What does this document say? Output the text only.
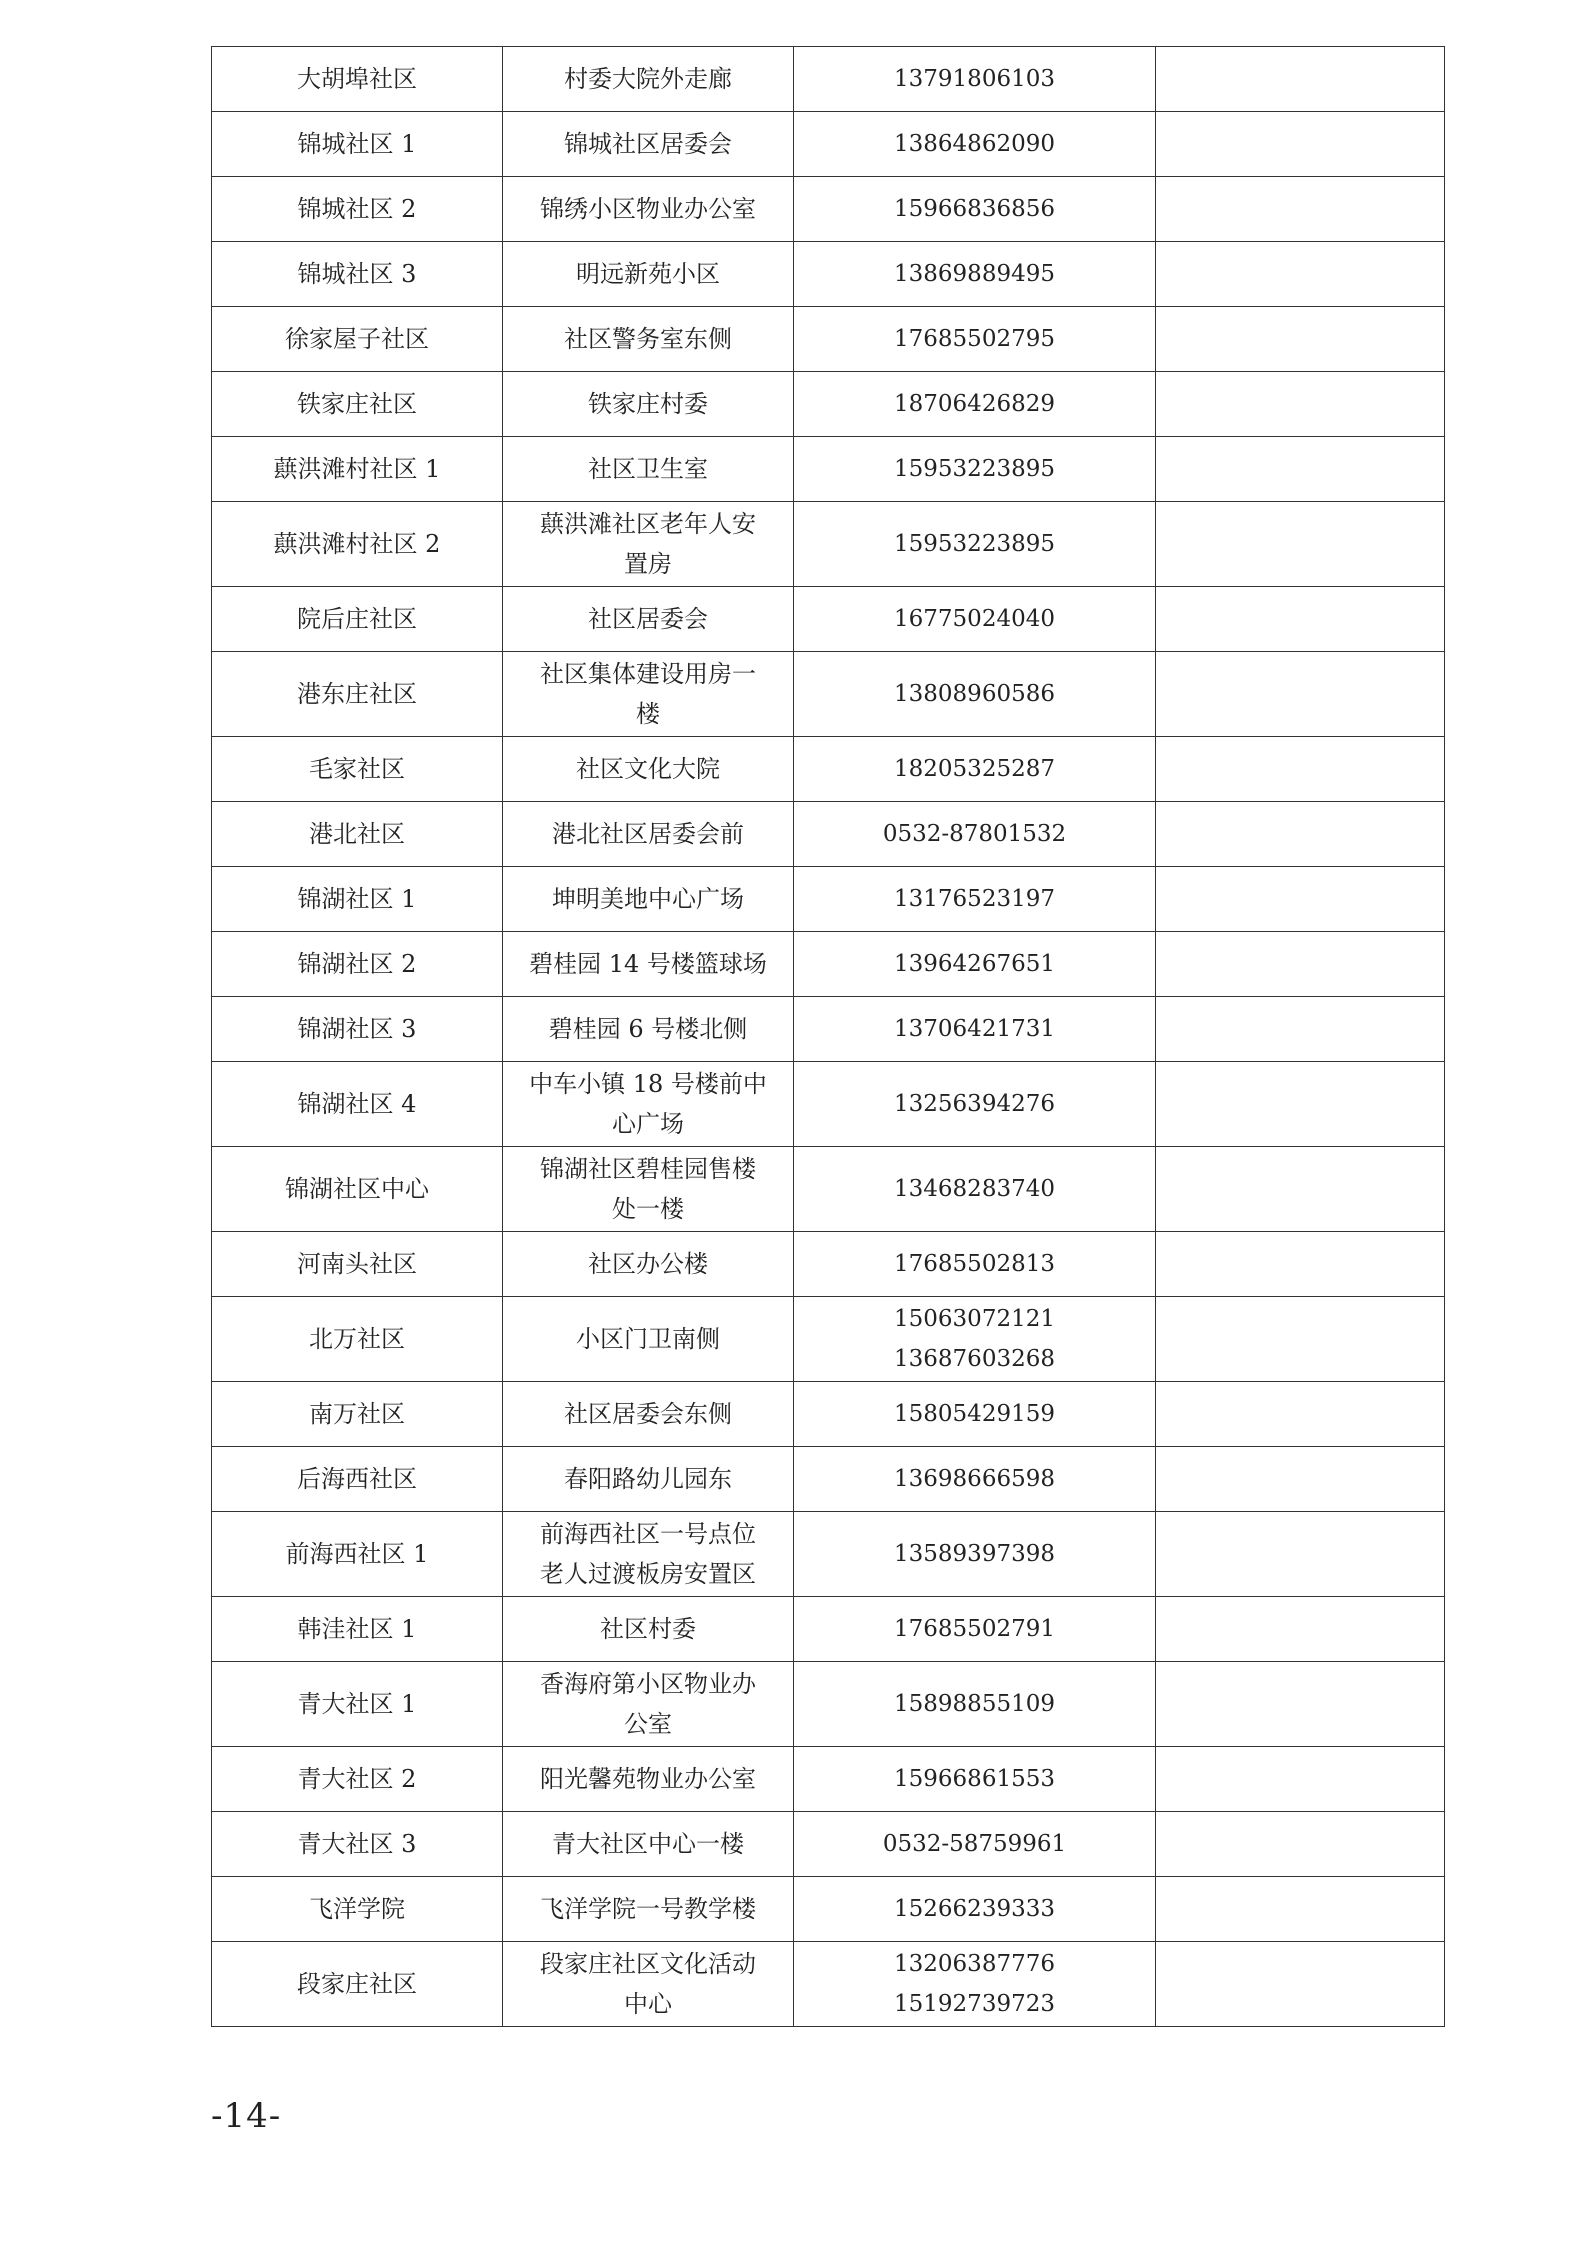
大胡埠社区	村委大院外走廊	13791806103	

锦城社区 1	锦城社区居委会	13864862090	

锦城社区 2	锦绣小区物业办公室	15966836856	

锦城社区 3	明远新苑小区	13869889495	

徐家屋子社区	社区警务室东侧	17685502795	

铁家庄社区	铁家庄村委	18706426829	

蕻洪滩村社区 1	社区卫生室	15953223895	

蕻洪滩村社区 2	蕻洪滩社区老年人安
置房	15953223895	

院后庄社区	社区居委会	16775024040	

港东庄社区	社区集体建设用房一
楼	13808960586	

毛家社区	社区文化大院	18205325287	

港北社区	港北社区居委会前	0532-87801532	

锦湖社区 1	坤明美地中心广场	13176523197	

锦湖社区 2	碧桂园 14 号楼篮球场	13964267651	

锦湖社区 3	碧桂园 6 号楼北侧	13706421731	

锦湖社区 4	中车小镇 18 号楼前中
心广场	13256394276	

锦湖社区中心	锦湖社区碧桂园售楼
处一楼	13468283740	

河南头社区	社区办公楼	17685502813	

北万社区	小区门卫南侧	15063072121
13687603268	

南万社区	社区居委会东侧	15805429159	

后海西社区	春阳路幼儿园东	13698666598	

前海西社区 1	前海西社区一号点位
老人过渡板房安置区	13589397398	

韩洼社区 1	社区村委	17685502791	

青大社区 1	香海府第小区物业办
公室	15898855109	

青大社区 2	阳光馨苑物业办公室	15966861553	

青大社区 3	青大社区中心一楼	0532-58759961	

飞洋学院	飞洋学院一号教学楼	15266239333	

段家庄社区	段家庄社区文化活动
中心	13206387776
15192739723	

-14-
